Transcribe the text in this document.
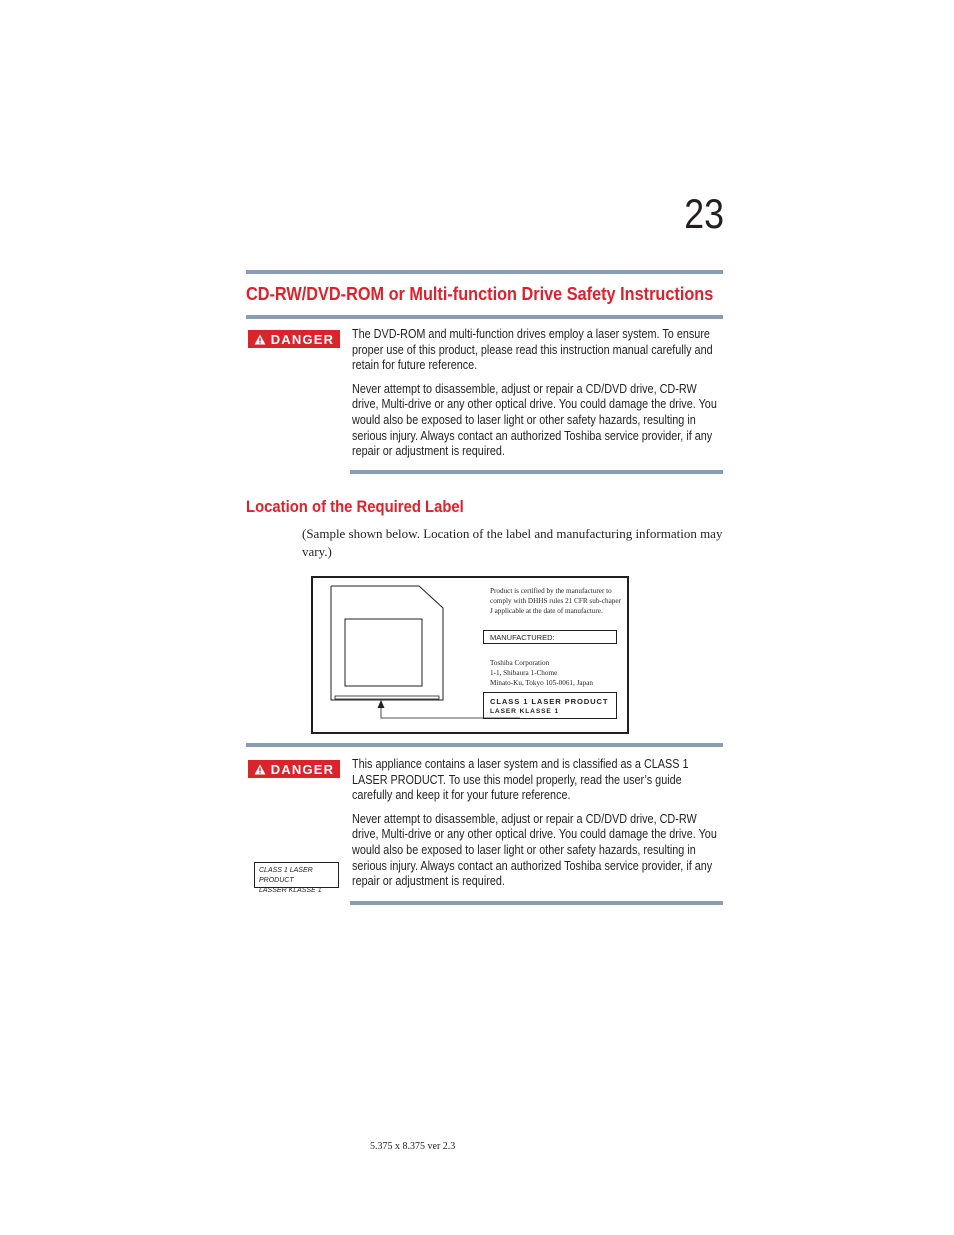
23
CD-RW/DVD-ROM or Multi-function Drive Safety Instructions
DANGER The DVD-ROM and multi-function drives employ a laser system. To ensure proper use of this product, please read this instruction manual carefully and retain for future reference.

Never attempt to disassemble, adjust or repair a CD/DVD drive, CD-RW drive, Multi-drive or any other optical drive. You could damage the drive. You would also be exposed to laser light or other safety hazards, resulting in serious injury. Always contact an authorized Toshiba service provider, if any repair or adjustment is required.

Location of the Required Label
(Sample shown below. Location of the label and manufacturing information may vary.)
Product is certified by the manufacturer to comply with DHHS rules 21 CFR sub-chaper J applicable at the date of manufacture.
MANUFACTURED:
Toshiba Corporation
1-1, Shibaura 1-Chome
Minato-Ku, Tokyo 105-0061, Japan
CLASS 1 LASER PRODUCT
LASER KLASSE 1
DANGER This appliance contains a laser system and is classified as a CLASS 1 LASER PRODUCT. To use this model properly, read the user’s guide carefully and keep it for your future reference.

Never attempt to disassemble, adjust or repair a CD/DVD drive, CD-RW drive, Multi-drive or any other optical drive. You could damage the drive. You would also be exposed to laser light or other safety hazards, resulting in serious injury. Always contact an authorized Toshiba service provider, if any repair or adjustment is required.

CLASS 1 LASER PRODUCT
LASSER KLASSE 1
5.375 x 8.375 ver 2.3
